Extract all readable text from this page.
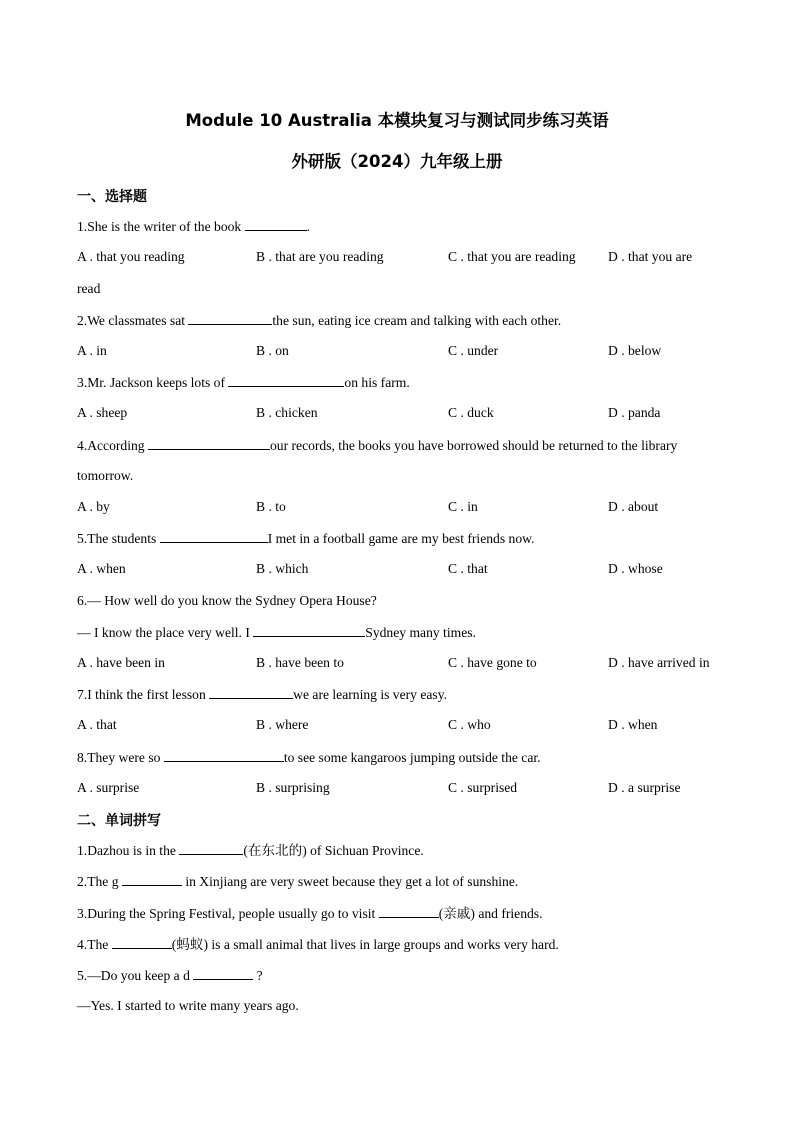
Module 10 Australia 本模块复习与测试同步练习英语
外研版（2024）九年级上册
一、选择题
1.She is the writer of the book	.
A . that you reading	B . that are you reading	C . that you are reading D . that you are
read
2.We classmates sat	the sun, eating ice cream and talking with each other.
A . in	B . on	C . under	D . below
3.Mr. Jackson keeps lots of	on his farm.
A . sheep	B . chicken	C . duck	D . panda
4.According	our records, the books you have borrowed should be returned to the library
tomorrow.
A . by	B . to	C . in	D . about
5.The students	I met in a football game are my best friends now.
A . when	B . which	C . that	D . whose
6.— How well do you know the Sydney Opera House?
— I know the place very well. I	Sydney many times.
A . have been in	B . have been to	C . have gone to	D . have arrived in
7.I think the first lesson	we are learning is very easy.
A . that	B . where	C . who	D . when
8.They were so	to see some kangaroos jumping outside the car.
A . surprise	B . surprising	C . surprised	D . a surprise
二、单词拼写
1.Dazhou is in the	(在东北的) of Sichuan Province.
2.The g	in Xinjiang are very sweet because they get a lot of sunshine.
3.During the Spring Festival, people usually go to visit	(亲戚) and friends.
4.The	(蚂蚁) is a small animal that lives in large groups and works very hard.
5.—Do you keep a d	?
—Yes. I started to write many years ago.
